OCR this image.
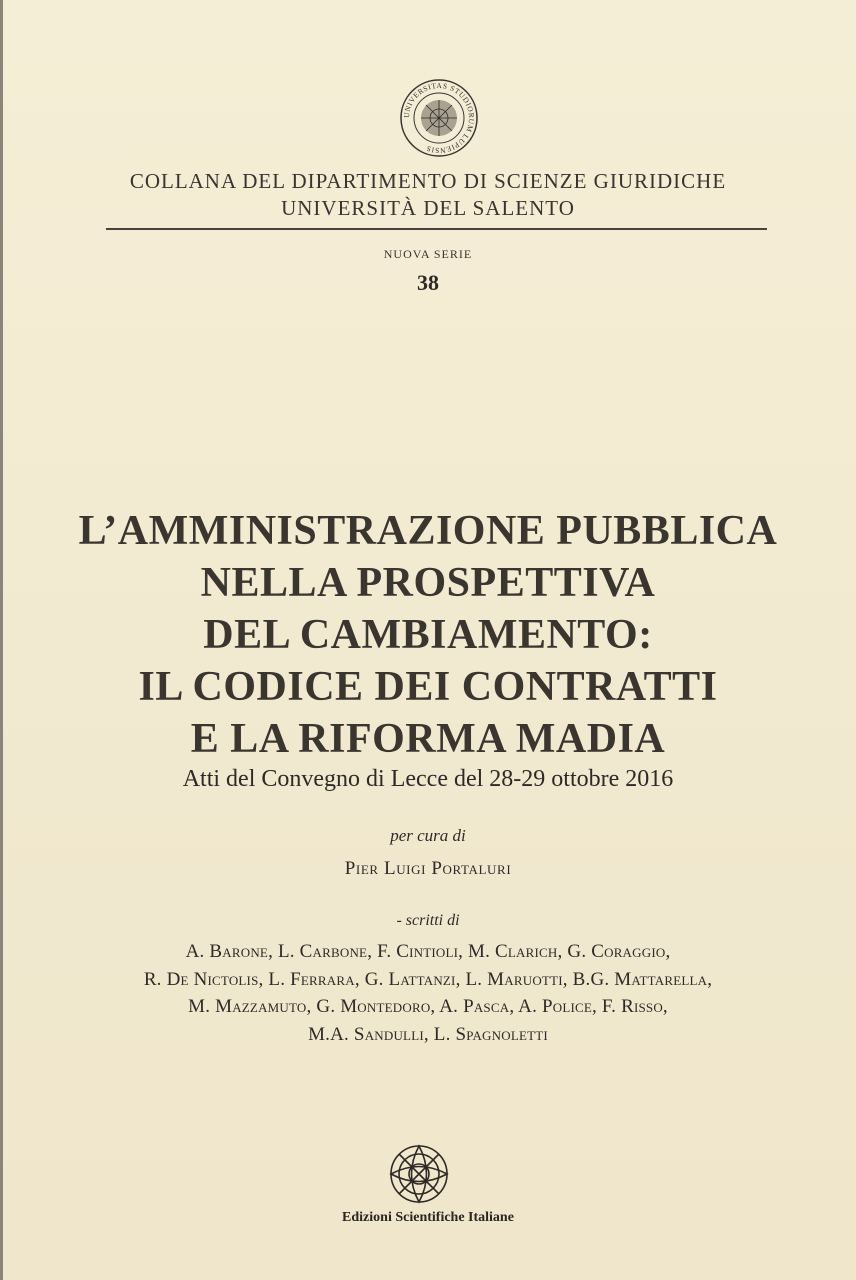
UNIVERSITAS STUDIORUM LUPIENSIS
COLLANA DEL DIPARTIMENTO DI SCIENZE GIURIDICHE
UNIVERSITÀ DEL SALENTO
NUOVA SERIE
38
L’AMMINISTRAZIONE PUBBLICA
NELLA PROSPETTIVA
DEL CAMBIAMENTO:
IL CODICE DEI CONTRATTI
E LA RIFORMA MADIA
Atti del Convegno di Lecce del 28-29 ottobre 2016
per cura di
Pier Luigi Portaluri
- scritti di
A. Barone, L. Carbone, F. Cintioli, M. Clarich, G. Coraggio,
R. De Nictolis, L. Ferrara, G. Lattanzi, L. Maruotti, B.G. Mattarella,
M. Mazzamuto, G. Montedoro, A. Pasca, A. Police, F. Risso,
M.A. Sandulli, L. Spagnoletti
Edizioni Scientifiche Italiane
